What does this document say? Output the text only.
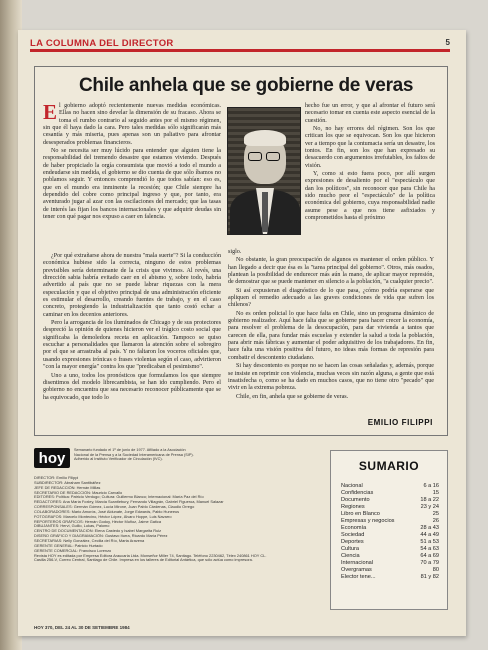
LA COLUMNA DEL DIRECTOR	5
Chile anhela que se gobierne de veras

El gobierno adoptó recientemente nuevas medidas económicas. Ellas no hacen sino develar la dimensión de su fracaso. Ahora se toma el rumbo contrario al seguido antes por el mismo régimen, sin que él haya dado la cara. Pero tales medidas sólo significarán más cesantía y más miseria, pues apenas son un paliativo para afrontar desesperados problemas financieros.

No se necesita ser muy lúcido para entender que alguien tiene la responsabilidad del tremendo desastre que estamos viviendo. Después de haber propiciado la orgía consumista que movió a todo el mundo a endeudarse sin medida, el gobierno se dio cuenta de que sólo íbamos no poblamos seguir. Y entonces comprendió lo que todos sabían: eso es, que en el mundo era inminente la recesión; que Chile siempre ha dependido del cobre como principal ingreso y que, por tanto, era aventurado jugar al azar con las oscilaciones del mercado; que las tasas de interés las fijan los bancos internacionales y que adquirir deudas sin tener con qué pagar nos expuso a caer en falencia.

hecho fue un error, y que al afrontar el futuro será necesario tomar en cuenta este aspecto esencial de la cuestión.

No, no hay errores del régimen. Son los que critican los que se equivocan. Son los que hicieron ver a tiempo que la contumacia sería un desastre, los tontos. En fin, son los que han expresado su desacuerdo con argumentos irrefutables, los faltos de visión.

Y, como si esto fuera poco, por allí surgen expresiones de desaliento por el "espectáculo que dan los políticos", sin reconocer que para Chile ha sido mucho peor el "espectáculo" de la política económica del gobierno, cuya responsabilidad nadie asume pese a que nos tiene asfixiados y comprometidos hasta el próximo

¿Por qué extrañarse ahora de nuestra "mala suerte"? Si la conducción económica hubiese sido la correcta, ninguno de estos problemas previsibles sería determinante de la crisis que vivimos. Al revés, una dirección sabia habría evitado caer en el abismo y, sobre todo, habría advertido al país que no se puede labrar riquezas con la mera especulación y que el objetivo principal de una administración eficiente es estimular el desarrollo, creando fuentes de trabajo, y en el caso concreto, protegiendo la industrialización que tanto costó echar a caminar en los decenios anteriores.

Pero la arrogancia de los iluminados de Chicago y de sus protectores despreció la opinión de quienes hicieron ver el trágico costo social que significaba la demoledora receta en aplicación. Tampoco se quiso escuchar a personalidades que llamaron la atención sobre el sobregiro por el que se arrastraba al país. Y no faltaron los voceros oficiales que, usando expresiones irónicas o frases violentas según el caso, advirtieron "con la mayor energía" contra los que "predicaban el pesimismo".

Uno a uno, todos los pronósticos que formulamos los que siempre disentimos del modelo librecambista, se han ido cumpliendo. Pero el gobierno no encuentra que sea necesario reconocer públicamente que se ha equivocado, que todo lo

siglo.

No obstante, la gran preocupación de algunos es mantener el orden público. Y han llegado a decir que ésa es la "tarea principal del gobierno". Otros, más osados, plantean la posibilidad de endurecer más aún la mano, de aplicar mayor represión, de demostrar que se puede mantener en silencio a la población, "a cualquier precio".

Si así expusieran el diagnóstico de lo que pasa, ¿cómo podría esperarse que apliquen el remedio adecuado a las graves condiciones de vida que sufren los chilenos?

No es orden policial lo que hace falta en Chile, sino un programa dinámico de gobierno realizador. Aquí hace falta que se gobierne para hacer crecer la economía, para resolver el problema de la desocupación, para dar vivienda a tantos que carecen de ella, para fundar más escuelas y extender la salud a toda la población, para abrir más fábricas y aumentar el poder adquisitivo de los trabajadores. En fin, hace falta una visión positiva del futuro, no ideas más formas de represión para combatir el descontento ciudadano.

Si hay descontento es porque no se hacen las cosas señaladas y, además, porque se insiste en reprimir con violencia, muchas veces sin razón alguna, a gente que está insatisfecha o, como se ha dado en muchos casos, que no tiene otro "pecado" que vivir en la extrema pobreza.

Chile, en fin, anhela que se gobierne de veras.

EMILIO FILIPPI
hoy	Semanario fundado el 1º de junio de 1977. Afiliado a la Asociación Nacional de la Prensa y a la Sociedad Interamericana de Prensa (SIP). Adherido al Instituto Verificador de Circulación (IVC).
DIRECTOR: Emilio Filippi
SUBDIRECTOR: Abraham Santibáñez
JEFE DE REDACCIÓN: Hernán Millas
SECRETARIO DE REDACCIÓN: Mauricio Carvallo
EDITORES: Política: Patricio Verdugo; Cultura: Guillermo Blanco; Internacional: María Paz del Río
REDACTORES: Ana María Foxley, Marcia Scantlebury, Fernando Villagrán, Gabriel Figueroa, Manuel Salazar
CORRESPONSALES: Germán Gómez, Lucía Mirone, Juan Pablo Cárdenas, Claudio Orrego
COLABORADORES: Mario Amorós, José Aldunate, Jorge Edwards, Pablo Huneeus
FOTÓGRAFOS: Marcelo Montecino, Héctor López, Álvaro Hoppe, Luis Navarro
REPORTEROS GRÁFICOS: Hernán Godoy, Héctor Muñoz, Jaime Gatica
DIBUJANTES: Hervi, Guillo, Lukas, Palomo
CENTRO DE DOCUMENTACIÓN: Elena Castedo y Isabel Margarita Ruiz
DISEÑO GRÁFICO Y DIAGRAMACIÓN: Gustavo Iturra, Ricardo María Pérez
SECRETARIAS: Nelly González, Cecilia del Río, Marta Aravena
GERENTE GENERAL: Patricio Hurtado
GERENTE COMERCIAL: Francisco Lorenzo
Revista HOY es editada por Empresa Editora Araucaria Ltda. Monseñor Miller 74, Santiago. Teléfono 2230462, Télex 240861 HOY CL.
Casilla 256-V, Correo Central, Santiago de Chile. Impresa en los talleres de Editorial Antártica, que sólo actúa como impresora.
SUMARIO
Nacional	6 a 16
Confidencias	15
Documento	18 a 22
Regiones	23 y 24
Libro en Blanco	25
Empresas y negocios	26
Economía	28 a 43
Sociedad	44 a 49
Deportes	51 a 53
Cultura	54 a 63
Ciencia	64 a 69
Internacional	70 a 79
Overgramas	80
Elector tene...	81 y 82
HOY 370, DEL 24 AL 30 DE SETIEMBRE 1984
